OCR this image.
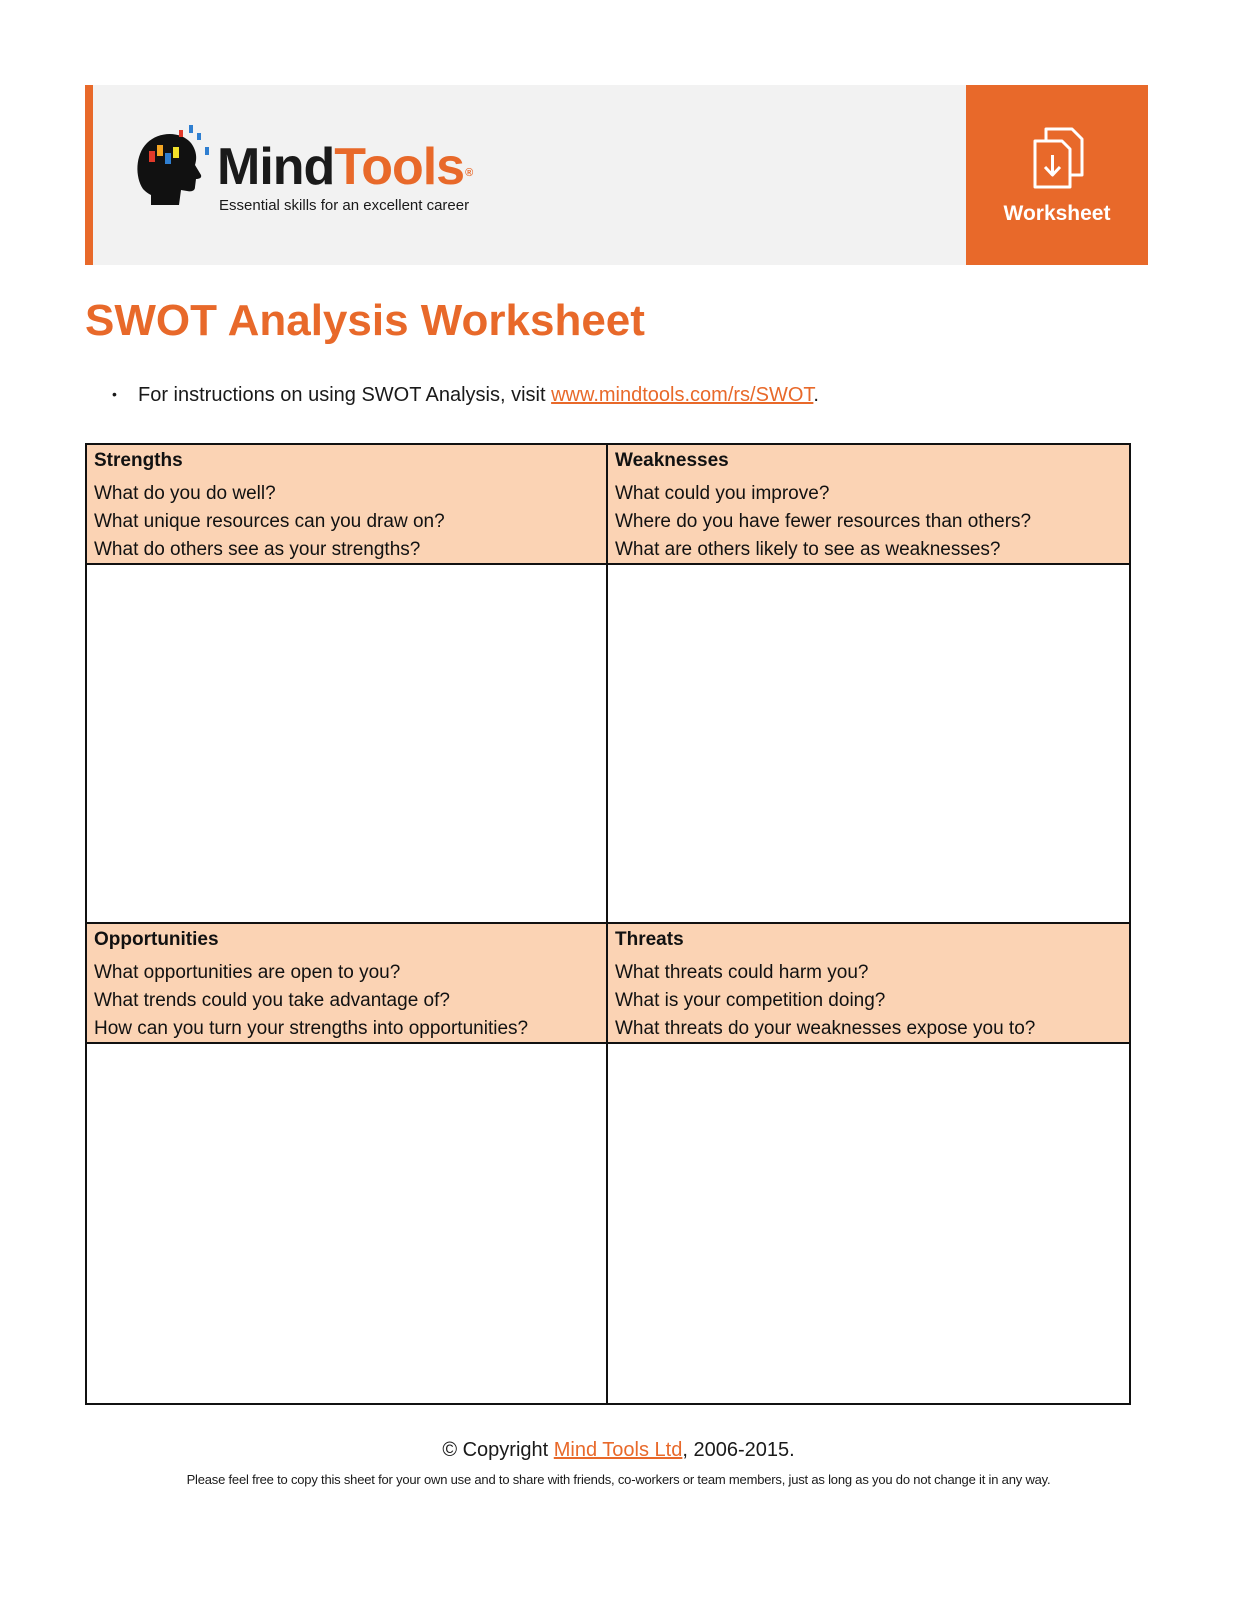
MindTools®
Essential skills for an excellent career	Worksheet
SWOT Analysis Worksheet
• For instructions on using SWOT Analysis, visit www.mindtools.com/rs/SWOT.
Strengths
What do you do well?
What unique resources can you draw on?
What do others see as your strengths?
Weaknesses
What could you improve?
Where do you have fewer resources than others?
What are others likely to see as weaknesses?
Opportunities
What opportunities are open to you?
What trends could you take advantage of?
How can you turn your strengths into opportunities?
Threats
What threats could harm you?
What is your competition doing?
What threats do your weaknesses expose you to?
© Copyright Mind Tools Ltd, 2006-2015.
Please feel free to copy this sheet for your own use and to share with friends, co-workers or team members, just as long as you do not change it in any way.
